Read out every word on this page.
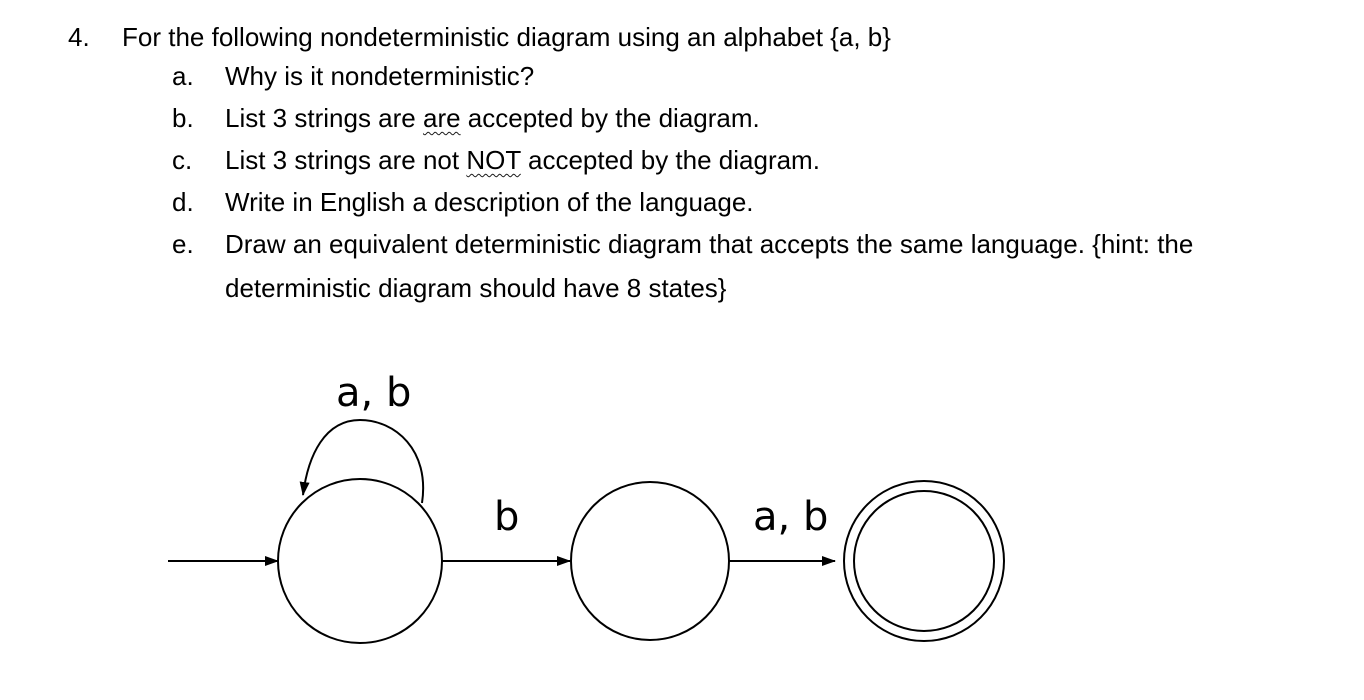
4. For the following nondeterministic diagram using an alphabet {a, b}
a. Why is it nondeterministic?
b. List 3 strings are are accepted by the diagram.
c. List 3 strings are not NOT accepted by the diagram.
d. Write in English a description of the language.
e. Draw an equivalent deterministic diagram that accepts the same language. {hint: the
deterministic diagram should have 8 states}
a, b
b	a, b
